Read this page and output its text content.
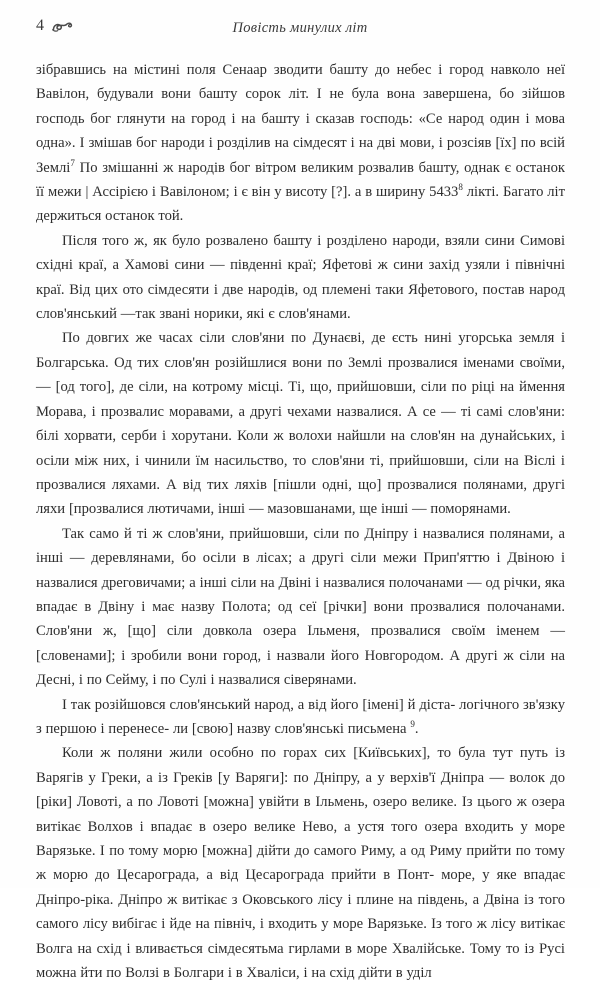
4	Повість минулих літ

зібравшись на містині поля Сенаар зводити башту до небес і город навколо неї Вавілон, будували вони башту сорок літ. І не була вона завершена, бо зійшов господь бог глянути на город і на башту і сказав господь: «Се народ один і мова одна». І змішав бог народи і розділив на сімдесят і на дві мови, і розсіяв [їх] по всій Землі$^7$ По змішанні ж народів бог вітром великим розвалив башту, однак є останок її межи | Ассірією і Вавілоном; і є він у висоту [?]. а в ширину 5433$^8$ лікті. Багато літ держиться останок той.

Після того ж, як було розвалено башту і розділено народи, взяли сини Симові східні краї, а Хамові сини — південні краї; Яфетові ж сини захід узяли і північні краї. Від цих ото сімдесяти і две народів, од племені таки Яфетового, постав народ слов'янський —так звані норики, які є слов'янами.

По довгих же часах сіли слов'яни по Дунаєві, де єсть нині угорська земля і Болгарська. Од тих слов'ян розійшлися вони по Землі прозвалися іменами своїми, — [од того], де сіли, на котрому місці. Ті, що, прийшовши, сіли по ріці на ймення Морава, і прозвалис моравами, а другі чехами назвалися. А се — ті самі слов'яни: білі хорвати, серби і хорутани. Коли ж волохи найшли на слов'ян на дунайських, і осіли між них, і чинили їм насильство, то слов'яни ті, прийшовши, сіли на Віслі і прозвалися ляхами. А від тих ляхів [пішли одні, що] прозвалися полянами, другі ляхи [прозвалися лютичами, інші — мазовшанами, ще інші — поморянами.

Так само й ті ж слов'яни, прийшовши, сіли по Дніпру і назвалися полянами, а інші — деревлянами, бо осіли в лісах; а другі сіли межи Прип'яттю і Двіною і назвалися дреговичами; а інші сіли на Двіні і назвалися полочанами — од річки, яка впадає в Двіну і має назву Полота; од сеї [річки] вони прозвалися полочанами. Слов'яни ж, [що] сіли довкола озера Ільменя, прозвалися своїм іменем — [словенами]; і зробили вони город, і назвали його Новгородом. А другі ж сіли на Десні, і по Сейму, і по Сулі і назвалися сіверянами.

І так розійшовся слов'янський народ, а від його [імені] й діста- логічного зв'язку з першою і перенесе- ли [свою] назву слов'янські письмена $^9$.

Коли ж поляни жили особно по горах сих [Київських], то була тут путь із Варягів у Греки, а із Греків [у Варяги]: по Дніпру, а у верхів'ї Дніпра — волок до [ріки] Ловоті, а по Ловоті [можна] увійти в Ільмень, озеро велике. Із цього ж озера витікає Волхов і впадає в озеро велике Нево, а устя того озера входить у море Варязьке. І по тому морю [можна] дійти до самого Риму, а од Риму прийти по тому ж морю до Цесарограда, а від Цесарограда прийти в Понт- море, у яке впадає Дніпро-ріка. Дніпро ж витікає з Оковського лісу і плине на південь, а Двіна із того самого лісу вибігає і йде на північ, і входить у море Варязьке. Із того ж лісу витікає Волга на схід і вливається сімдесятьма гирлами в море Хвалійське. Тому то із Русі можна йти по Волзі в Болгари і в Хваліси, і на схід дійти в уділ
